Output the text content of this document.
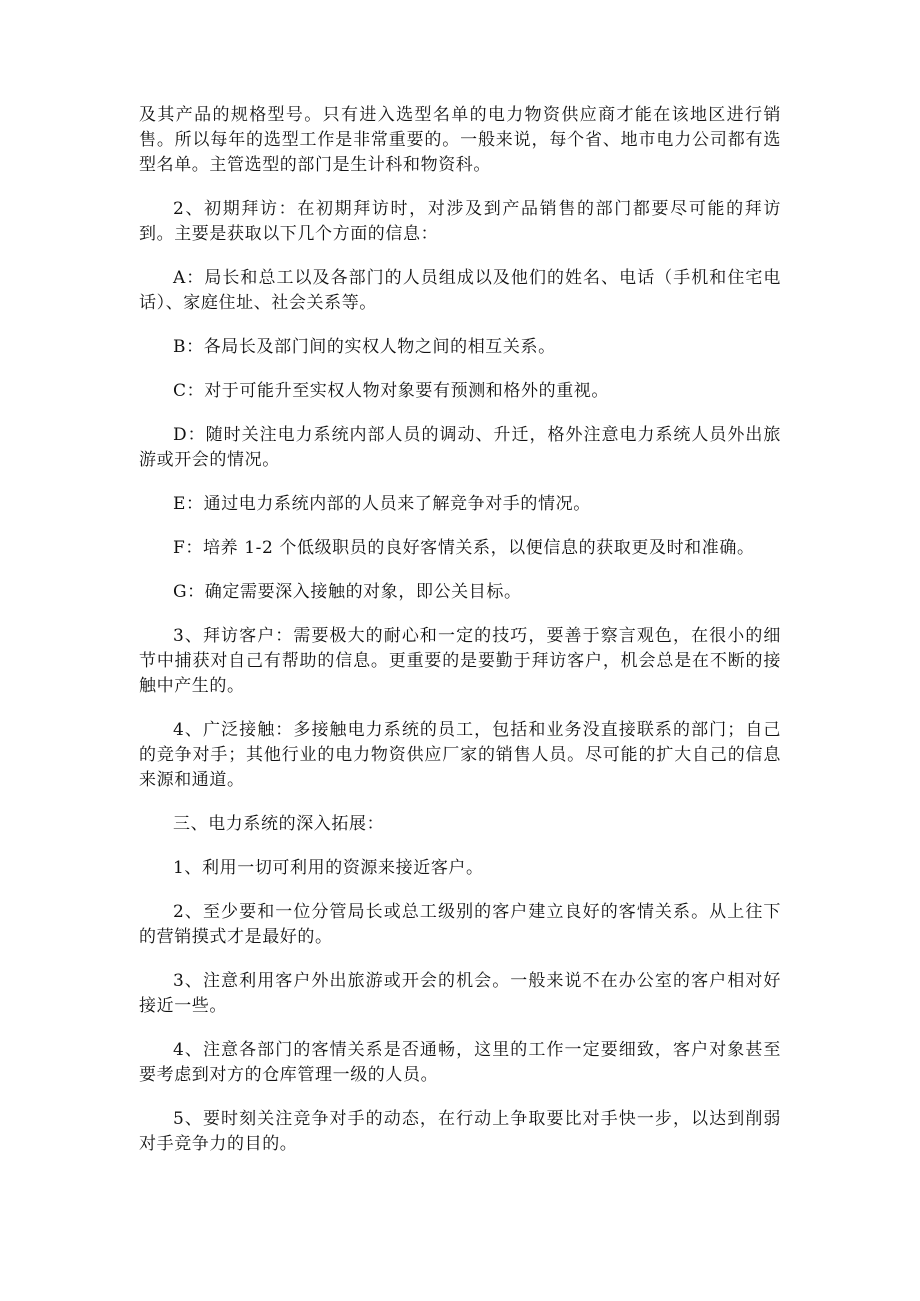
及其产品的规格型号。只有进入选型名单的电力物资供应商才能在该地区进行销售。所以每年的选型工作是非常重要的。一般来说，每个省、地市电力公司都有选型名单。主管选型的部门是生计科和物资科。

2、初期拜访：在初期拜访时，对涉及到产品销售的部门都要尽可能的拜访到。主要是获取以下几个方面的信息：

A：局长和总工以及各部门的人员组成以及他们的姓名、电话（手机和住宅电话）、家庭住址、社会关系等。

B：各局长及部门间的实权人物之间的相互关系。

C：对于可能升至实权人物对象要有预测和格外的重视。

D：随时关注电力系统内部人员的调动、升迁，格外注意电力系统人员外出旅游或开会的情况。

E：通过电力系统内部的人员来了解竞争对手的情况。

F：培养 1-2 个低级职员的良好客情关系，以便信息的获取更及时和准确。

G：确定需要深入接触的对象，即公关目标。

3、拜访客户：需要极大的耐心和一定的技巧，要善于察言观色，在很小的细节中捕获对自己有帮助的信息。更重要的是要勤于拜访客户，机会总是在不断的接触中产生的。

4、广泛接触：多接触电力系统的员工，包括和业务没直接联系的部门；自己的竞争对手；其他行业的电力物资供应厂家的销售人员。尽可能的扩大自己的信息来源和通道。

三、电力系统的深入拓展：

1、利用一切可利用的资源来接近客户。

2、至少要和一位分管局长或总工级别的客户建立良好的客情关系。从上往下的营销摸式才是最好的。

3、注意利用客户外出旅游或开会的机会。一般来说不在办公室的客户相对好接近一些。

4、注意各部门的客情关系是否通畅，这里的工作一定要细致，客户对象甚至要考虑到对方的仓库管理一级的人员。

5、要时刻关注竞争对手的动态，在行动上争取要比对手快一步，以达到削弱对手竞争力的目的。
